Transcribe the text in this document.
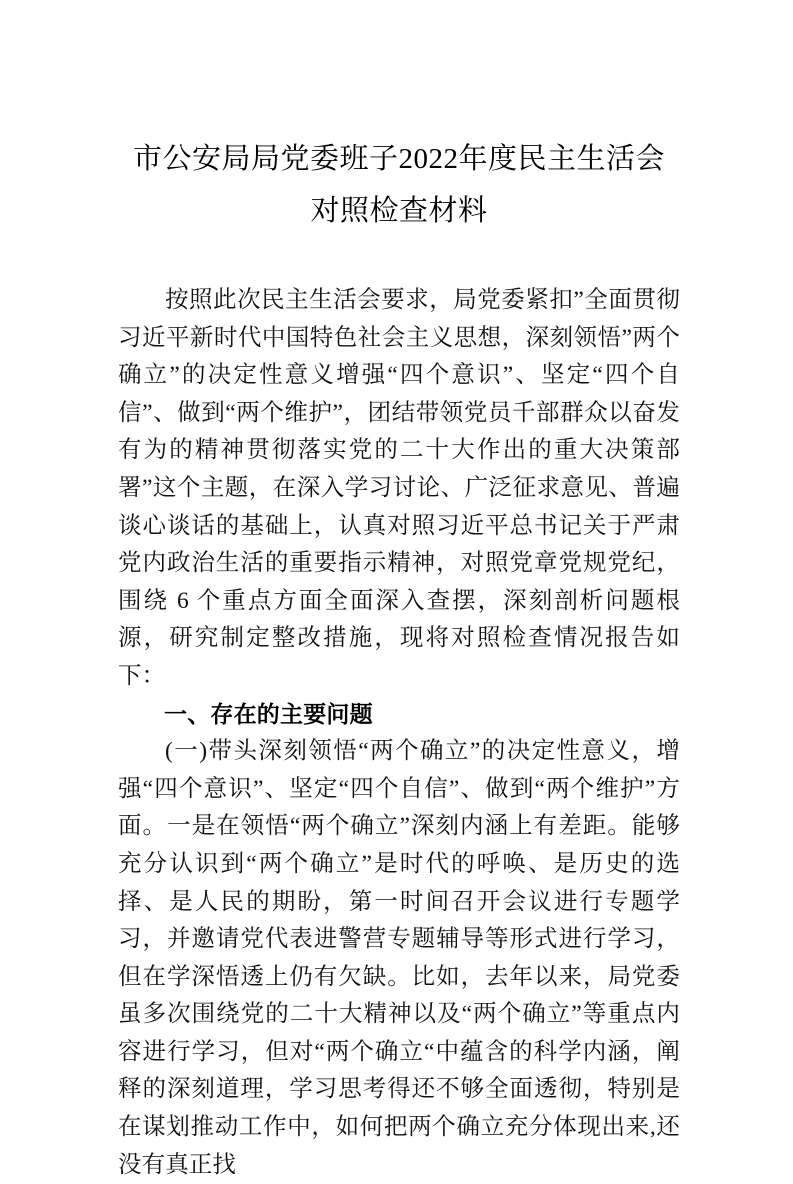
市公安局局党委班子2022年度民主生活会
对照检查材料

按照此次民主生活会要求，局党委紧扣”全面贯彻习近平新时代中国特色社会主义思想，深刻领悟”两个确立”的决定性意义增强“四个意识”、坚定“四个自信”、做到“两个维护”，团结带领党员千部群众以奋发有为的精神贯彻落实党的二十大作出的重大决策部署”这个主题，在深入学习讨论、广泛征求意见、普遍谈心谈话的基础上，认真对照习近平总书记关于严肃党内政治生活的重要指示精神，对照党章党规党纪，围绕 6 个重点方面全面深入查摆，深刻剖析问题根源，研究制定整改措施，现将对照检查情况报告如下：

一、存在的主要问题

(一)带头深刻领悟“两个确立”的决定性意义，增强“四个意识”、坚定“四个自信”、做到“两个维护”方面。一是在领悟“两个确立”深刻内涵上有差距。能够充分认识到“两个确立”是时代的呼唤、是历史的选择、是人民的期盼，第一时间召开会议进行专题学习，并邀请党代表进警营专题辅导等形式进行学习，但在学深悟透上仍有欠缺。比如，去年以来，局党委虽多次围绕党的二十大精神以及“两个确立”等重点内容进行学习，但对“两个确立“中蕴含的科学内涵，阐释的深刻道理，学习思考得还不够全面透彻，特别是在谋划推动工作中，如何把两个确立充分体现出来,还没有真正找
